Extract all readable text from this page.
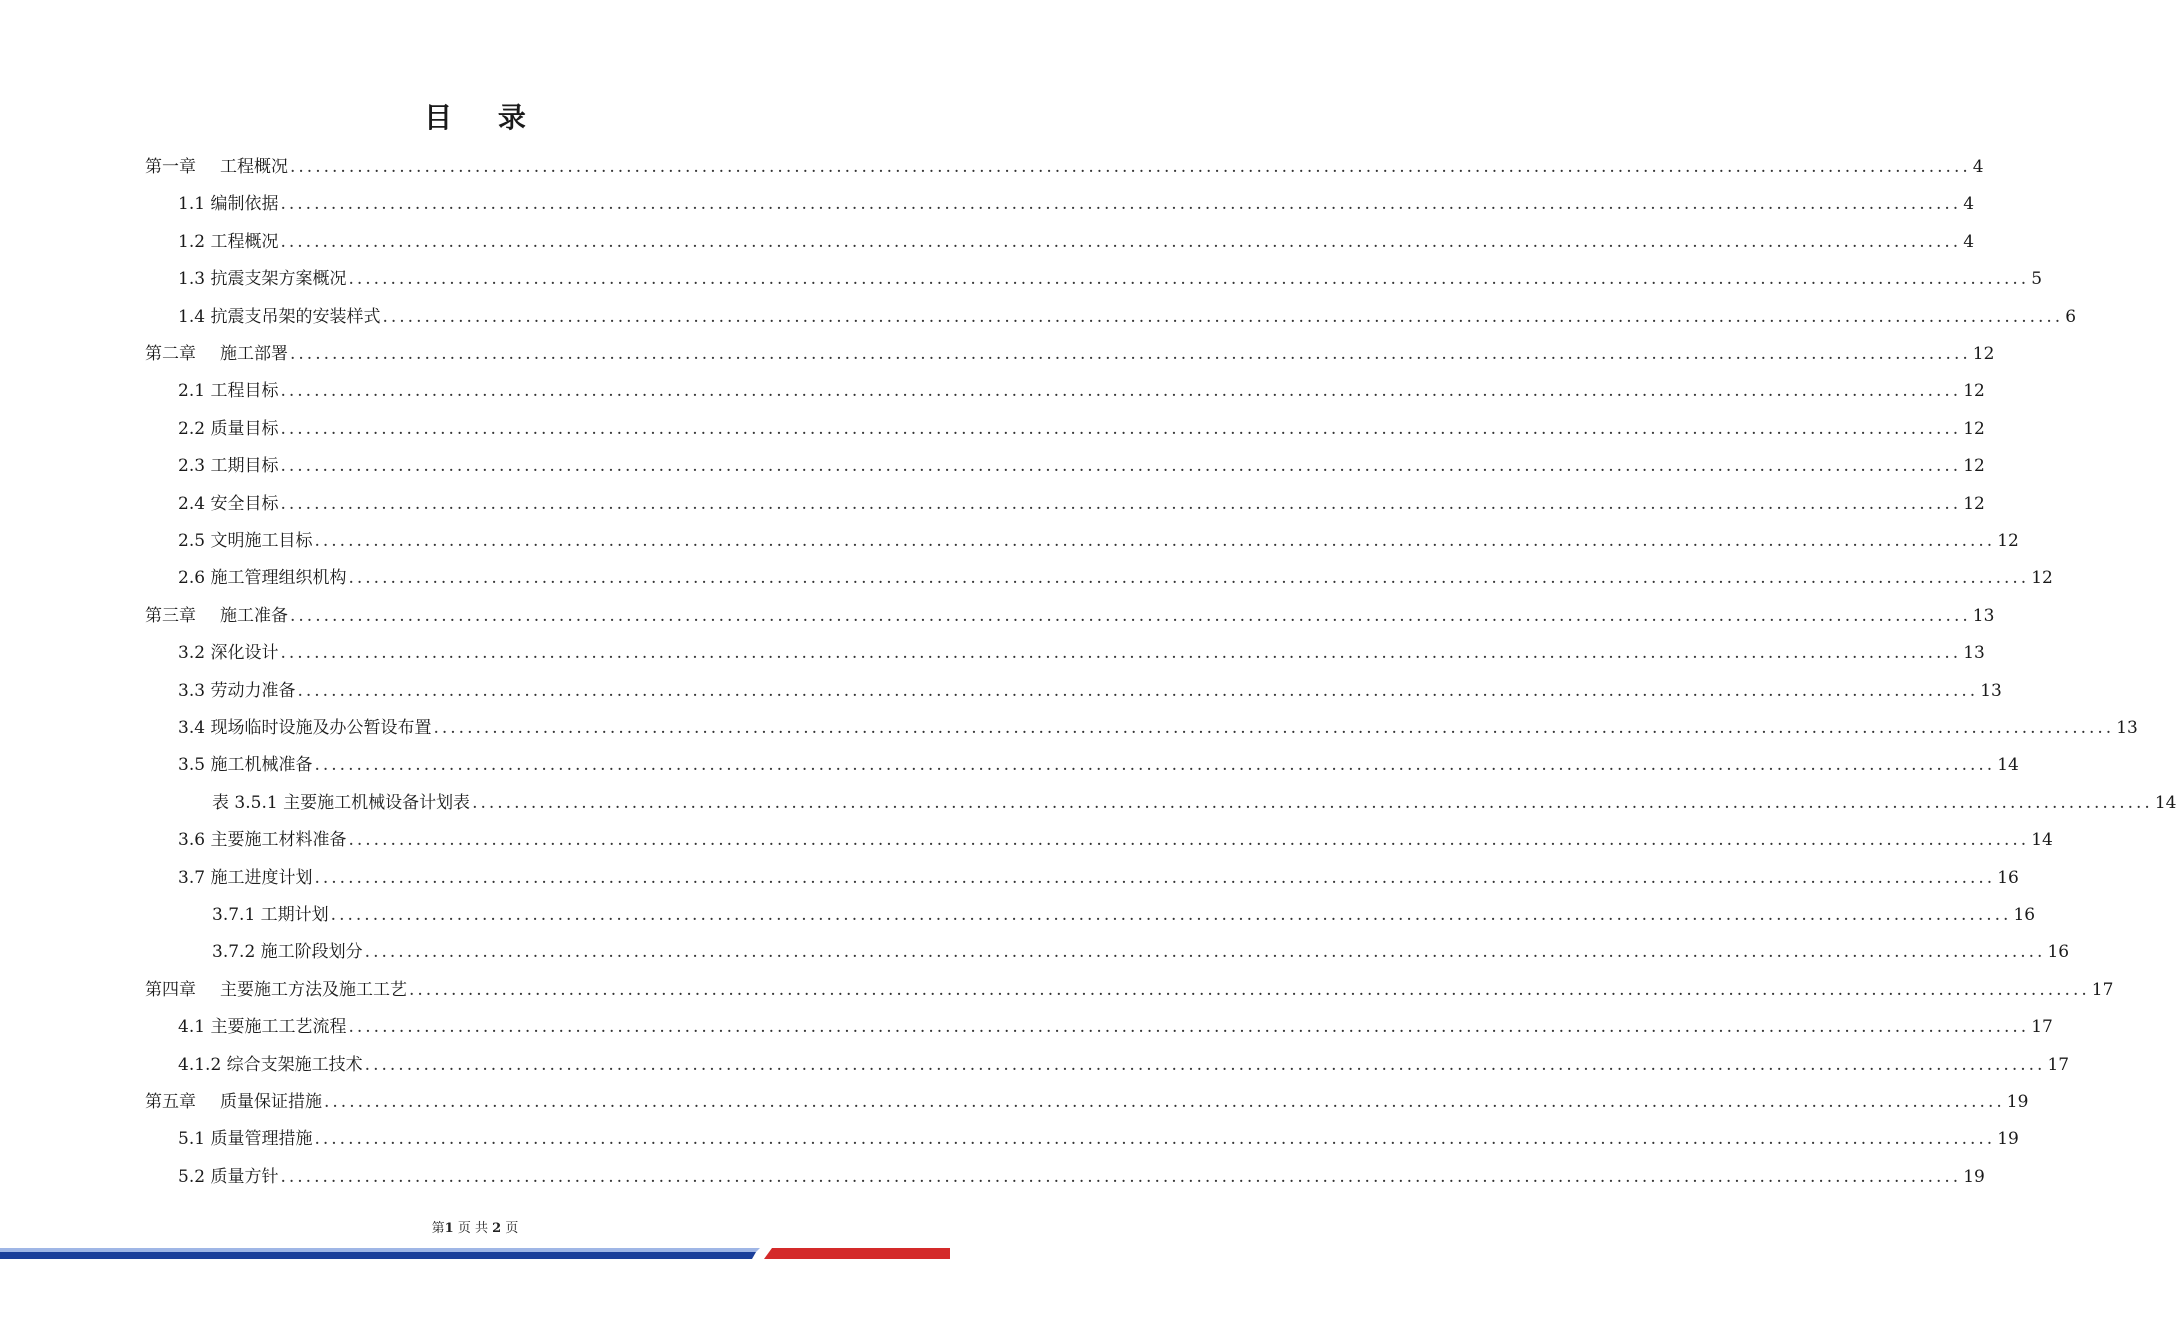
目 录
第一章 工程概况 ........................................................................................................................................................................................................ 4
1.1 编制依据 ........................................................................................................................................................................................................ 4
1.2 工程概况 ........................................................................................................................................................................................................ 4
1.3 抗震支架方案概况 ........................................................................................................................................................................................................ 5
1.4 抗震支吊架的安装样式 ........................................................................................................................................................................................................ 6
第二章 施工部署 ........................................................................................................................................................................................................ 12
2.1 工程目标 ........................................................................................................................................................................................................ 12
2.2 质量目标 ........................................................................................................................................................................................................ 12
2.3 工期目标 ........................................................................................................................................................................................................ 12
2.4 安全目标 ........................................................................................................................................................................................................ 12
2.5 文明施工目标 ........................................................................................................................................................................................................ 12
2.6 施工管理组织机构 ........................................................................................................................................................................................................ 12
第三章 施工准备 ........................................................................................................................................................................................................ 13
3.2 深化设计 ........................................................................................................................................................................................................ 13
3.3 劳动力准备 ........................................................................................................................................................................................................ 13
3.4 现场临时设施及办公暂设布置 ........................................................................................................................................................................................................ 13
3.5 施工机械准备 ........................................................................................................................................................................................................ 14
表 3.5.1 主要施工机械设备计划表 ........................................................................................................................................................................................................ 14
3.6 主要施工材料准备 ........................................................................................................................................................................................................ 14
3.7 施工进度计划 ........................................................................................................................................................................................................ 16
3.7.1 工期计划 ........................................................................................................................................................................................................ 16
3.7.2 施工阶段划分 ........................................................................................................................................................................................................ 16
第四章 主要施工方法及施工工艺 ........................................................................................................................................................................................................ 17
4.1 主要施工工艺流程 ........................................................................................................................................................................................................ 17
4.1.2 综合支架施工技术 ........................................................................................................................................................................................................ 17
第五章 质量保证措施 ........................................................................................................................................................................................................ 19
5.1 质量管理措施 ........................................................................................................................................................................................................ 19
5.2 质量方针 ........................................................................................................................................................................................................ 19
第1 页 共 2 页
